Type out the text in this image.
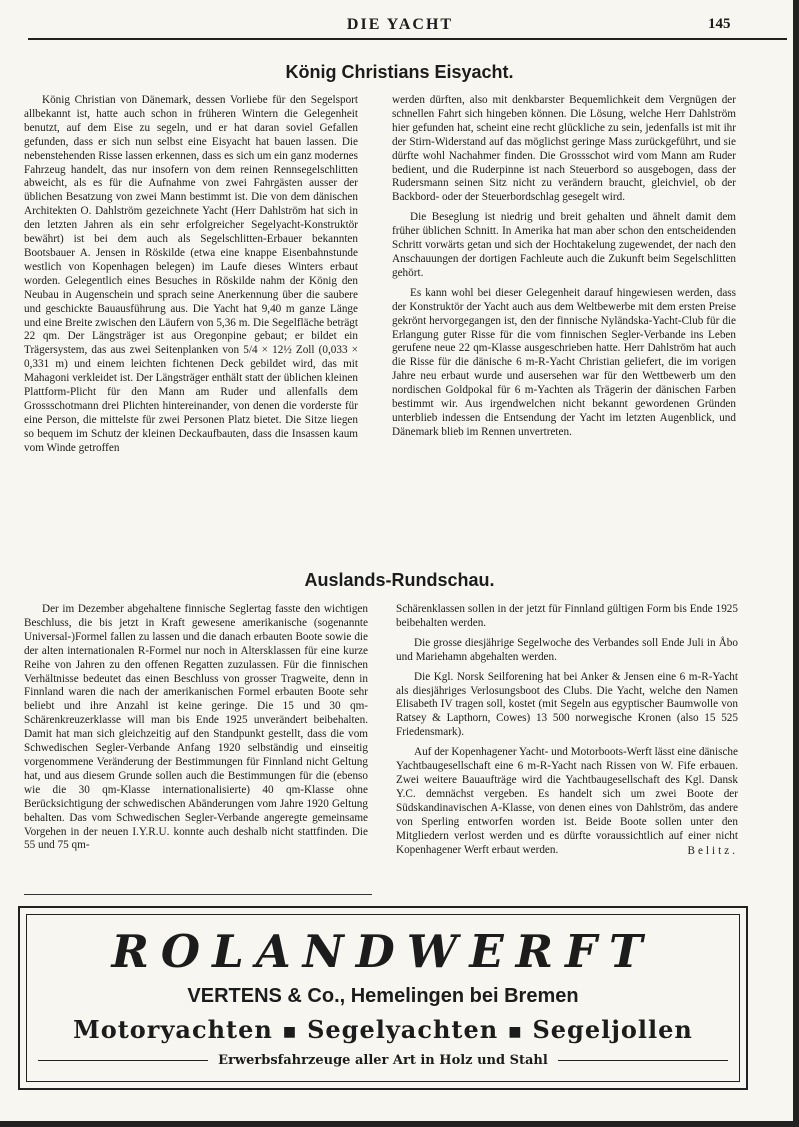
DIE YACHT	145
König Christians Eisyacht.

König Christian von Dänemark, dessen Vorliebe für den Segelsport allbekannt ist, hatte auch schon in früheren Wintern die Gelegenheit benutzt, auf dem Eise zu segeln, und er hat daran soviel Gefallen gefunden, dass er sich nun selbst eine Eisyacht hat bauen lassen. Die nebenstehenden Risse lassen erkennen, dass es sich um ein ganz modernes Fahrzeug handelt, das nur insofern von dem reinen Rennsegelschlitten abweicht, als es für die Aufnahme von zwei Fahrgästen ausser der üblichen Besatzung von zwei Mann bestimmt ist. Die von dem dänischen Architekten O. Dahlström gezeichnete Yacht (Herr Dahlström hat sich in den letzten Jahren als ein sehr erfolgreicher Segelyacht-Konstruktör bewährt) ist bei dem auch als Segelschlitten-Erbauer bekannten Bootsbauer A. Jensen in Röskilde (etwa eine knappe Eisenbahnstunde westlich von Kopenhagen belegen) im Laufe dieses Winters erbaut worden. Gelegentlich eines Besuches in Röskilde nahm der König den Neubau in Augenschein und sprach seine Anerkennung über die saubere und geschickte Bauausführung aus. Die Yacht hat 9,40 m ganze Länge und eine Breite zwischen den Läufern von 5,36 m. Die Segelfläche beträgt 22 qm. Der Längsträger ist aus Oregonpine gebaut; er bildet ein Trägersystem, das aus zwei Seitenplanken von 5/4 × 12½ Zoll (0,033 × 0,331 m) und einem leichten fichtenen Deck gebildet wird, das mit Mahagoni verkleidet ist. Der Längsträger enthält statt der üblichen kleinen Plattform-Plicht für den Mann am Ruder und allenfalls dem Grossschotmann drei Plichten hintereinander, von denen die vorderste für eine Person, die mittelste für zwei Personen Platz bietet. Die Sitze liegen so bequem im Schutz der kleinen Deckaufbauten, dass die Insassen kaum vom Winde getroffen

werden dürften, also mit denkbarster Bequemlichkeit dem Vergnügen der schnellen Fahrt sich hingeben können. Die Lösung, welche Herr Dahlström hier gefunden hat, scheint eine recht glückliche zu sein, jedenfalls ist mit ihr der Stirn-Widerstand auf das möglichst geringe Mass zurückgeführt, und sie dürfte wohl Nachahmer finden. Die Grossschot wird vom Mann am Ruder bedient, und die Ruderpinne ist nach Steuerbord so ausgebogen, dass der Rudersmann seinen Sitz nicht zu verändern braucht, gleichviel, ob der Backbord- oder der Steuerbordschlag gesegelt wird.

Die Beseglung ist niedrig und breit gehalten und ähnelt damit dem früher üblichen Schnitt. In Amerika hat man aber schon den entscheidenden Schritt vorwärts getan und sich der Hochtakelung zugewendet, der nach den Anschauungen der dortigen Fachleute auch die Zukunft beim Segelschlitten gehört.

Es kann wohl bei dieser Gelegenheit darauf hingewiesen werden, dass der Konstruktör der Yacht auch aus dem Weltbewerbe mit dem ersten Preise gekrönt hervorgegangen ist, den der finnische Nyländska-Yacht-Club für die Erlangung guter Risse für die vom finnischen Segler-Verbande ins Leben gerufene neue 22 qm-Klasse ausgeschrieben hatte. Herr Dahlström hat auch die Risse für die dänische 6 m-R-Yacht Christian geliefert, die im vorigen Jahre neu erbaut wurde und ausersehen war für den Wettbewerb um den nordischen Goldpokal für 6 m-Yachten als Trägerin der dänischen Farben bestimmt wir. Aus irgendwelchen nicht bekannt gewordenen Gründen unterblieb indessen die Entsendung der Yacht im letzten Augenblick, und Dänemark blieb im Rennen unvertreten.

Auslands-Rundschau.

Der im Dezember abgehaltene finnische Seglertag fasste den wichtigen Beschluss, die bis jetzt in Kraft gewesene amerikanische (sogenannte Universal-)Formel fallen zu lassen und die danach erbauten Boote sowie die der alten internationalen R-Formel nur noch in Altersklassen für eine kurze Reihe von Jahren zu den offenen Regatten zuzulassen. Für die finnischen Verhältnisse bedeutet das einen Beschluss von grosser Tragweite, denn in Finnland waren die nach der amerikanischen Formel erbauten Boote sehr beliebt und ihre Anzahl ist keine geringe. Die 15 und 30 qm-Schärenkreuzerklasse will man bis Ende 1925 unverändert beibehalten. Damit hat man sich gleichzeitig auf den Standpunkt gestellt, dass die vom Schwedischen Segler-Verbande Anfang 1920 selbständig und einseitig vorgenommene Veränderung der Bestimmungen für Finnland nicht Geltung hat, und aus diesem Grunde sollen auch die Bestimmungen für die (ebenso wie die 30 qm-Klasse internationalisierte) 40 qm-Klasse ohne Berücksichtigung der schwedischen Abänderungen vom Jahre 1920 Geltung behalten. Das vom Schwedischen Segler-Verbande angeregte gemeinsame Vorgehen in der neuen I.Y.R.U. konnte auch deshalb nicht stattfinden. Die 55 und 75 qm-

Schärenklassen sollen in der jetzt für Finnland gültigen Form bis Ende 1925 beibehalten werden.

Die grosse diesjährige Segelwoche des Verbandes soll Ende Juli in Åbo und Mariehamn abgehalten werden.

Die Kgl. Norsk Seilforening hat bei Anker & Jensen eine 6 m-R-Yacht als diesjähriges Verlosungsboot des Clubs. Die Yacht, welche den Namen Elisabeth IV tragen soll, kostet (mit Segeln aus egyptischer Baumwolle von Ratsey & Lapthorn, Cowes) 13 500 norwegische Kronen (also 15 525 Friedensmark).

Auf der Kopenhagener Yacht- und Motorboots-Werft lässt eine dänische Yachtbaugesellschaft eine 6 m-R-Yacht nach Rissen von W. Fife erbauen. Zwei weitere Bauaufträge wird die Yachtbaugesellschaft des Kgl. Dansk Y.C. demnächst vergeben. Es handelt sich um zwei Boote der Südskandinavischen A-Klasse, von denen eines von Dahlström, das andere von Sperling entworfen worden ist. Beide Boote sollen unter den Mitgliedern verlost werden und es dürfte voraussichtlich auf einer nicht Kopenhagener Werft erbaut werden.	Belitz.
ROLANDWERFT
VERTENS & Co., Hemelingen bei Bremen
Motoryachten ■ Segelyachten ■ Segeljollen
Erwerbsfahrzeuge aller Art in Holz und Stahl
